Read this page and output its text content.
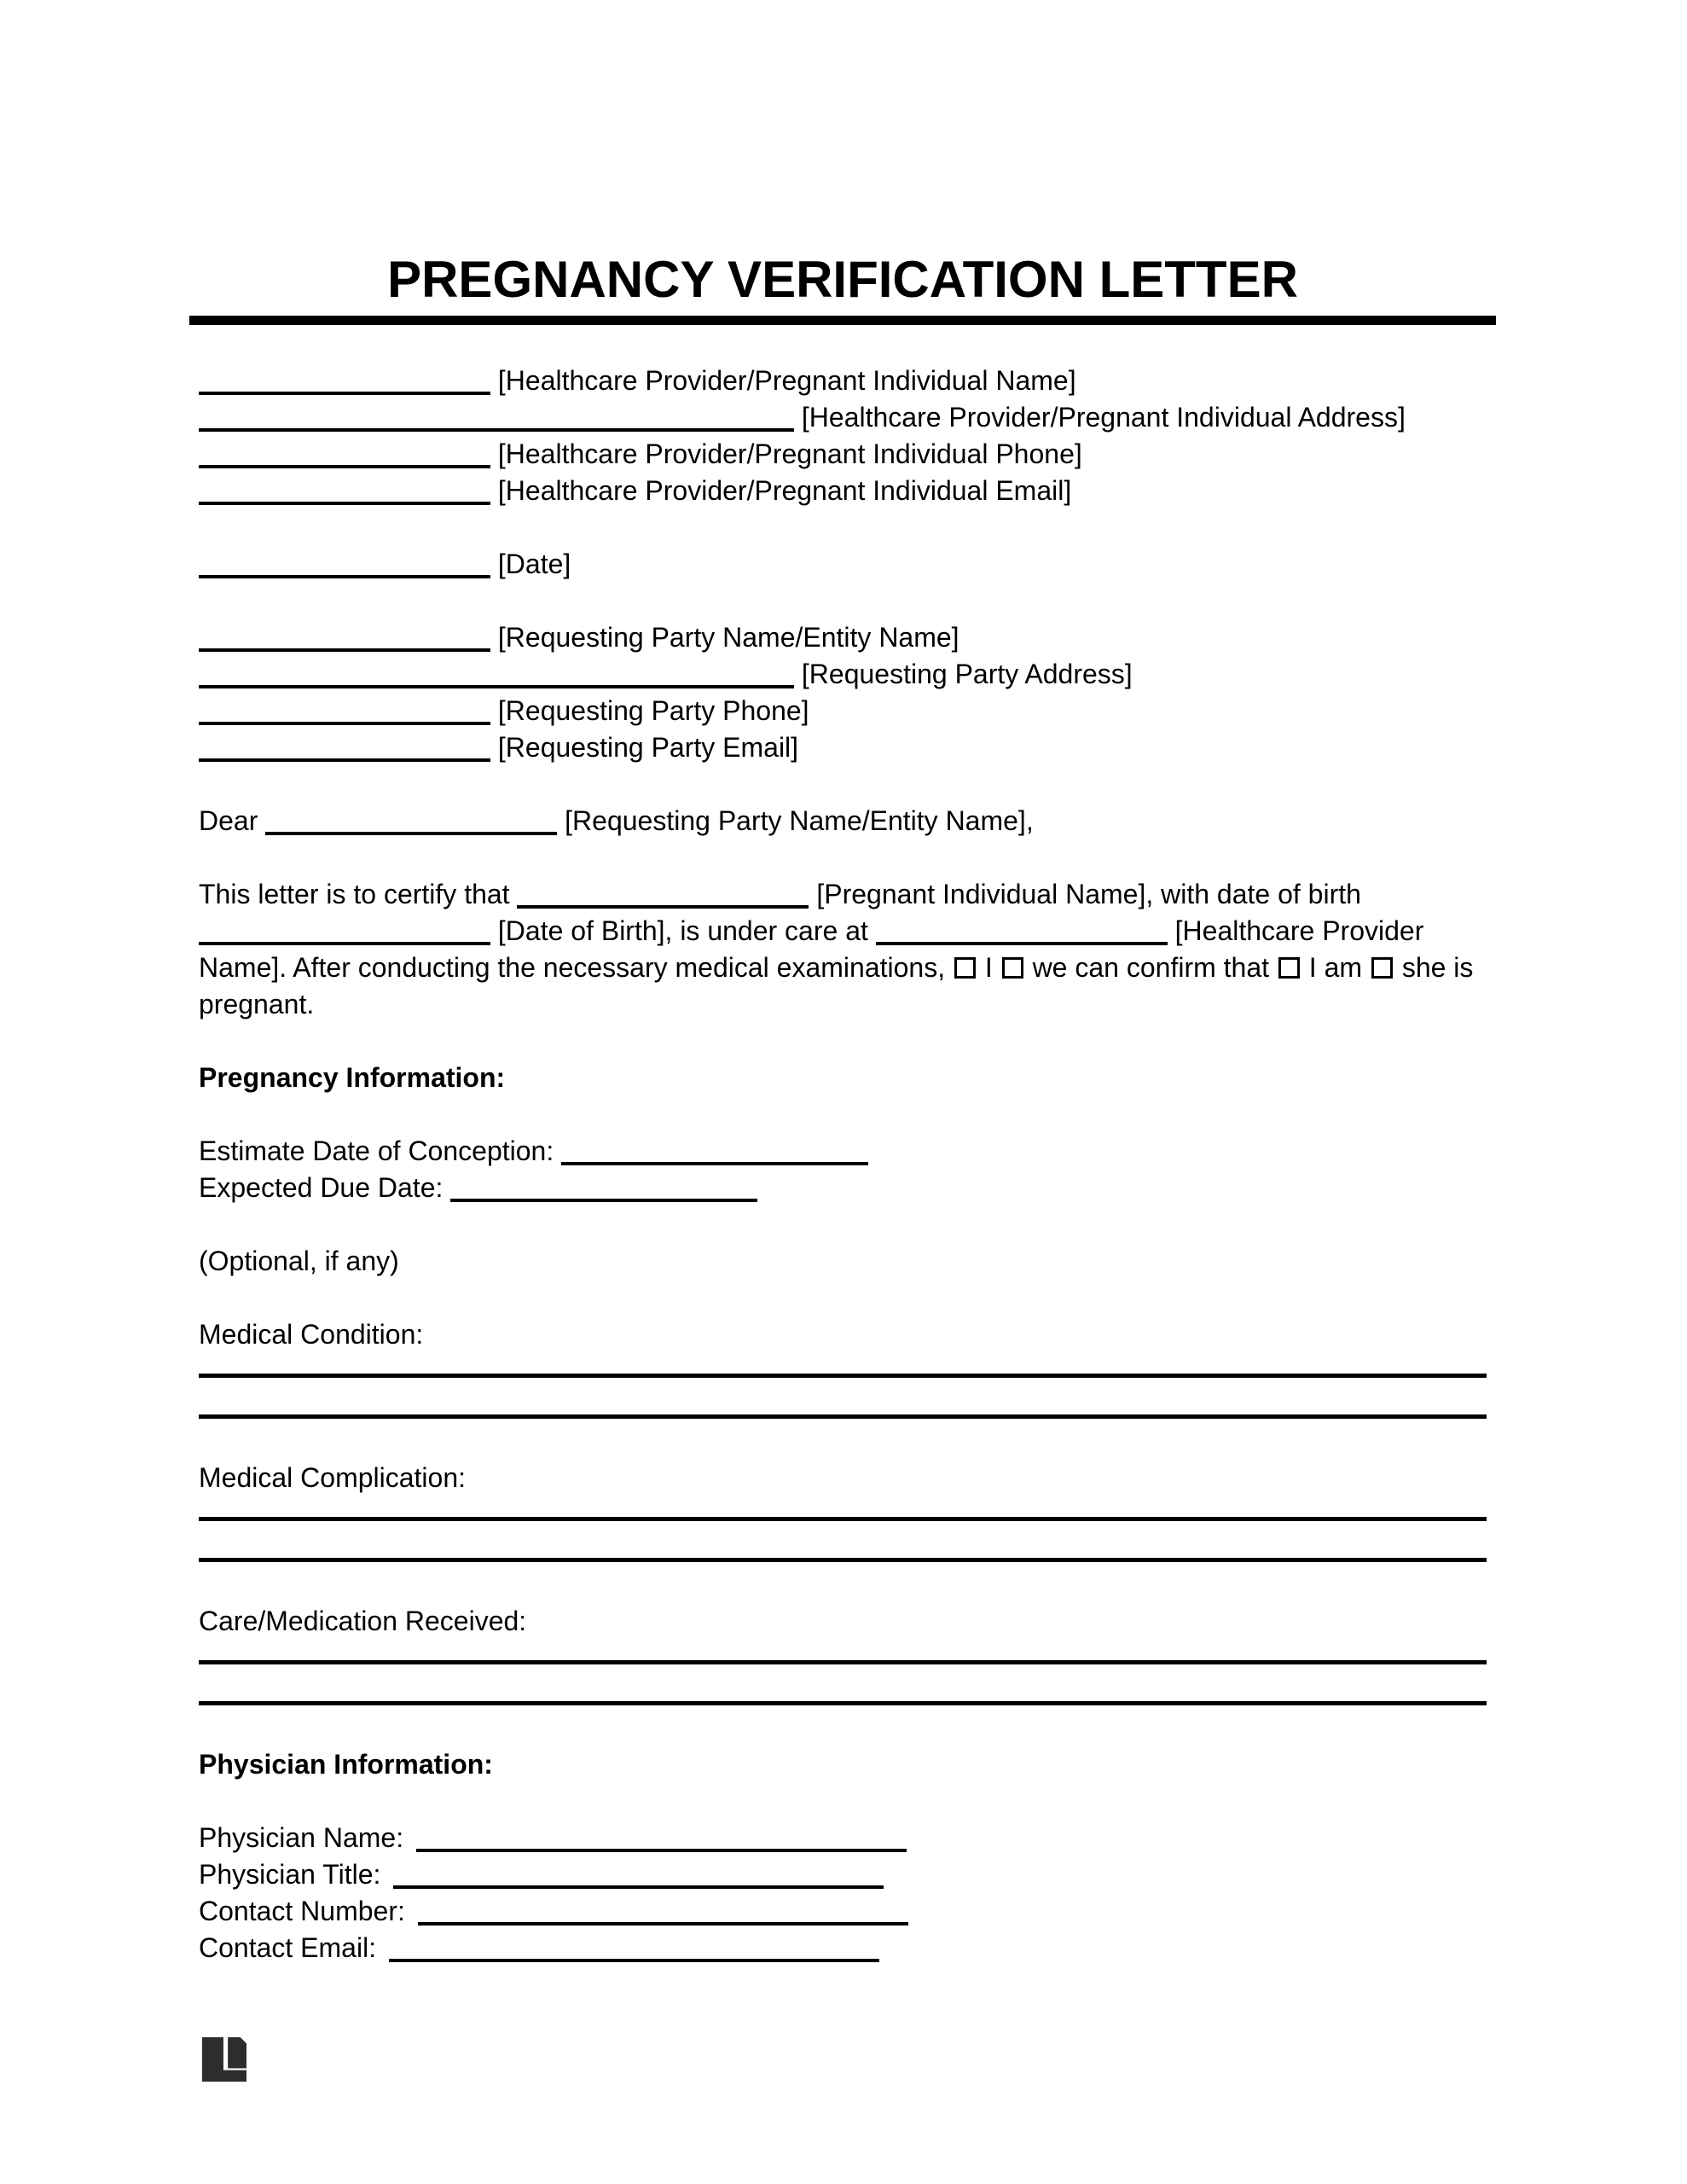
PREGNANCY VERIFICATION LETTER
[Healthcare Provider/Pregnant Individual Name]
[Healthcare Provider/Pregnant Individual Address]
[Healthcare Provider/Pregnant Individual Phone]
[Healthcare Provider/Pregnant Individual Email]
[Date]
[Requesting Party Name/Entity Name]
[Requesting Party Address]
[Requesting Party Phone]
[Requesting Party Email]
Dear	[Requesting Party Name/Entity Name],
This letter is to certify that	[Pregnant Individual Name], with date of birth  [Date of Birth], is under care at	[Healthcare Provider Name]. After conducting the necessary medical examinations, I we can confirm that I am she is pregnant.
Pregnancy Information:
Estimate Date of Conception:
Expected Due Date:
(Optional, if any)
Medical Condition:
Medical Complication:
Care/Medication Received:
Physician Information:
Physician Name:
Physician Title:
Contact Number:
Contact Email:
